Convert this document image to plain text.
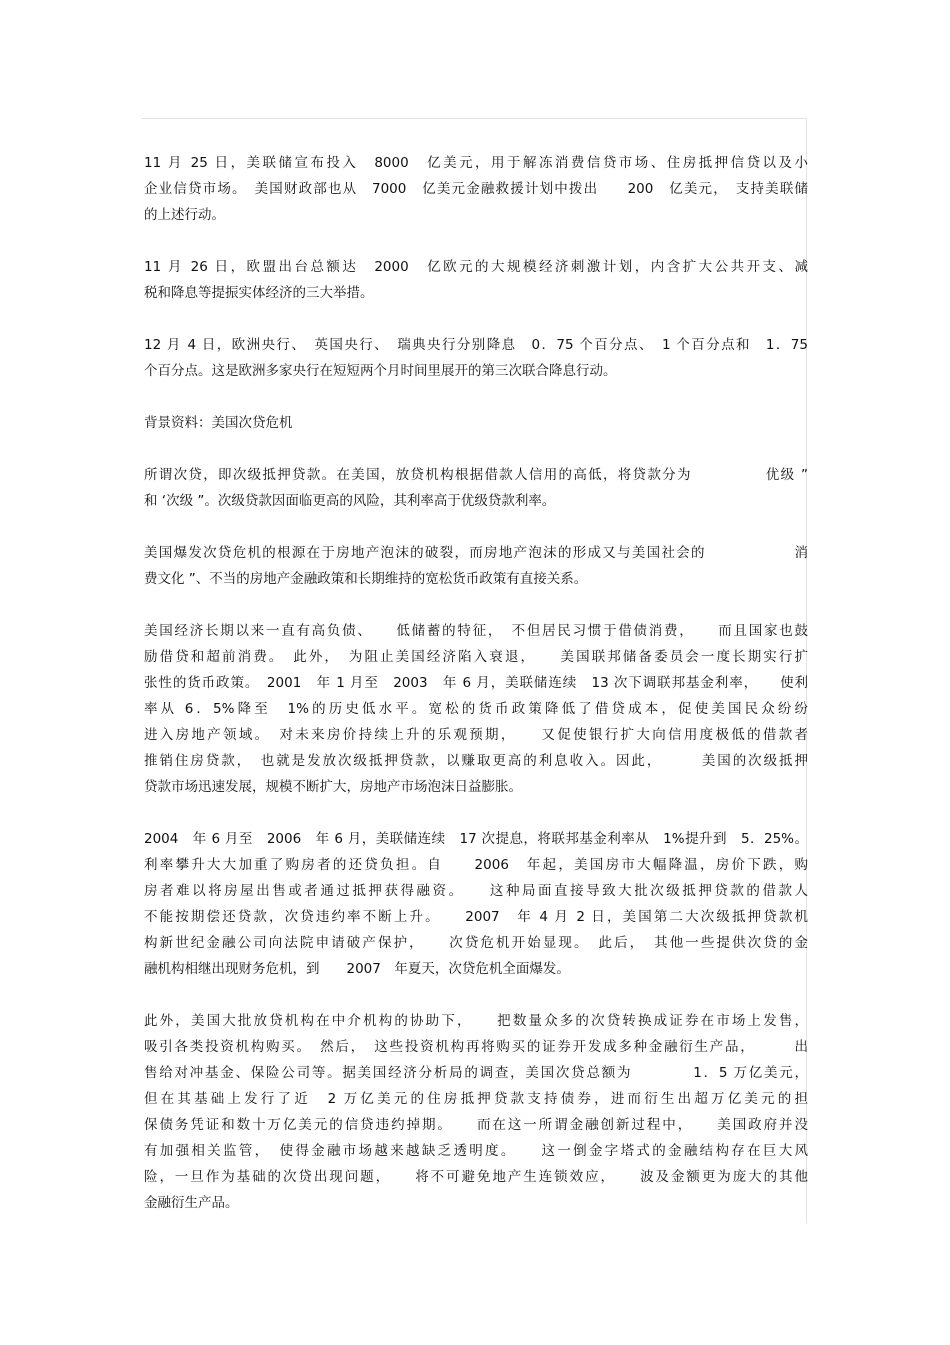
11 月 25 日，美联储宣布投入　8000　亿美元，用于解冻消费信贷市场、住房抵押信贷以及小
企业信贷市场。　美国财政部也从　7000　亿美元金融救援计划中拨出　　200　亿美元，　支持美联储
的上述行动。
11 月 26 日，欧盟出台总额达　2000　亿欧元的大规模经济刺激计划，内含扩大公共开支、减
税和降息等提振实体经济的三大举措。
12 月 4 日，欧洲央行、　英国央行、　瑞典央行分别降息　0．75 个百分点、　1 个百分点和　1．75
个百分点。这是欧洲多家央行在短短两个月时间里展开的第三次联合降息行动。
背景资料：美国次贷危机
所谓次贷，即次级抵押贷款。在美国，放贷机构根据借款人信用的高低，将贷款分为　　　　　优级 ”
和 ‘次级 ”。次级贷款因面临更高的风险，其利率高于优级贷款利率。
美国爆发次贷危机的根源在于房地产泡沫的破裂，而房地产泡沫的形成又与美国社会的　　　　　　消
费文化 ”、不当的房地产金融政策和长期维持的宽松货币政策有直接关系。
美国经济长期以来一直有高负债、　　低储蓄的特征，　不但居民习惯于借债消费，　　而且国家也鼓
励借贷和超前消费。　此外，　为阻止美国经济陷入衰退，　　美国联邦储备委员会一度长期实行扩
张性的货币政策。　2001　年 1 月至　2003　年 6 月，美联储连续　13 次下调联邦基金利率，　　使利
率从 6．5%降至　1%的历史低水平。宽松的货币政策降低了借贷成本，促使美国民众纷纷
进入房地产领域。　对未来房价持续上升的乐观预期，　　又促使银行扩大向信用度极低的借款者
推销住房贷款，　也就是发放次级抵押贷款，以赚取更高的利息收入。因此，　　　美国的次级抵押
贷款市场迅速发展，规模不断扩大，房地产市场泡沫日益膨胀。
2004　年 6 月至　2006　年 6 月，美联储连续　17 次提息，将联邦基金利率从　1%提升到　5．25%。
利率攀升大大加重了购房者的还贷负担。自　　2006　年起，美国房市大幅降温，房价下跌，购
房者难以将房屋出售或者通过抵押获得融资。　　这种局面直接导致大批次级抵押贷款的借款人
不能按期偿还贷款，次贷违约率不断上升。　　2007　年 4 月 2 日，美国第二大次级抵押贷款机
构新世纪金融公司向法院申请破产保护，　　次贷危机开始显现。　此后，　其他一些提供次贷的金
融机构相继出现财务危机，到　　2007　年夏天，次贷危机全面爆发。
此外，美国大批放贷机构在中介机构的协助下，　　把数量众多的次贷转换成证券在市场上发售，
吸引各类投资机构购买。　然后，　这些投资机构再将购买的证券开发成多种金融衍生产品，　　　出
售给对冲基金、保险公司等。据美国经济分析局的调查，美国次贷总额为　　　　1．5 万亿美元，
但在其基础上发行了近　2 万亿美元的住房抵押贷款支持债券，进而衍生出超万亿美元的担
保债务凭证和数十万亿美元的信贷违约掉期。　　而在这一所谓金融创新过程中，　　美国政府并没
有加强相关监管，　使得金融市场越来越缺乏透明度。　　这一倒金字塔式的金融结构存在巨大风
险，一旦作为基础的次贷出现问题，　　将不可避免地产生连锁效应，　　波及金额更为庞大的其他
金融衍生产品。
